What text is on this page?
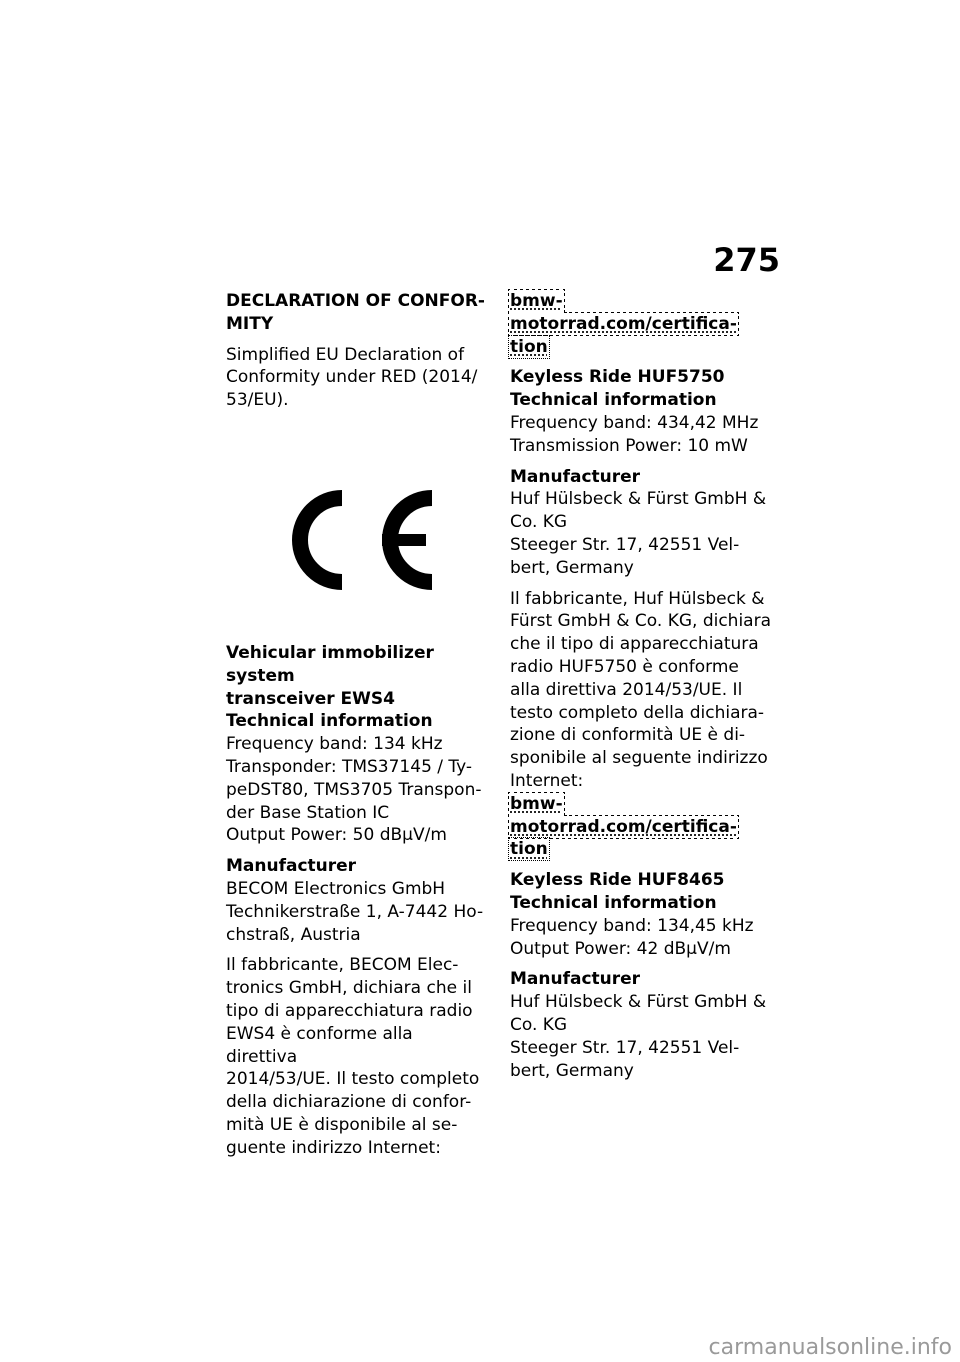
275
DECLARATION OF CONFOR-
MITY
Simplified EU Declaration of
Conformity under RED (2014/
53/EU).
Vehicular immobilizer system
transceiver EWS4
Technical information
Frequency band: 134 kHz
Transponder: TMS37145 / Ty-
peDST80, TMS3705 Transpon-
der Base Station IC
Output Power: 50 dBµV/m
Manufacturer
BECOM Electronics GmbH
Technikerstraße 1, A-7442 Ho-
chstraß, Austria
Il fabbricante, BECOM Elec-
tronics GmbH, dichiara che il
tipo di apparecchiatura radio
EWS4 è conforme alla direttiva
2014/53/UE. Il testo completo
della dichiarazione di confor-
mità UE è disponibile al se-
guente indirizzo Internet:
bmw-motorrad.com/certifica-
tion
Keyless Ride HUF5750
Technical information
Frequency band: 434,42 MHz
Transmission Power: 10 mW
Manufacturer
Huf Hülsbeck & Fürst GmbH &
Co. KG
Steeger Str. 17, 42551 Vel-
bert, Germany
Il fabbricante, Huf Hülsbeck &
Fürst GmbH & Co. KG, dichiara
che il tipo di apparecchiatura
radio HUF5750 è conforme
alla direttiva 2014/53/UE. Il
testo completo della dichiara-
zione di conformità UE è di-
sponibile al seguente indirizzo
Internet:
bmw-motorrad.com/certifica-
tion
Keyless Ride HUF8465
Technical information
Frequency band: 134,45 kHz
Output Power: 42 dBµV/m
Manufacturer
Huf Hülsbeck & Fürst GmbH &
Co. KG
Steeger Str. 17, 42551 Vel-
bert, Germany
carmanualsonline.info
